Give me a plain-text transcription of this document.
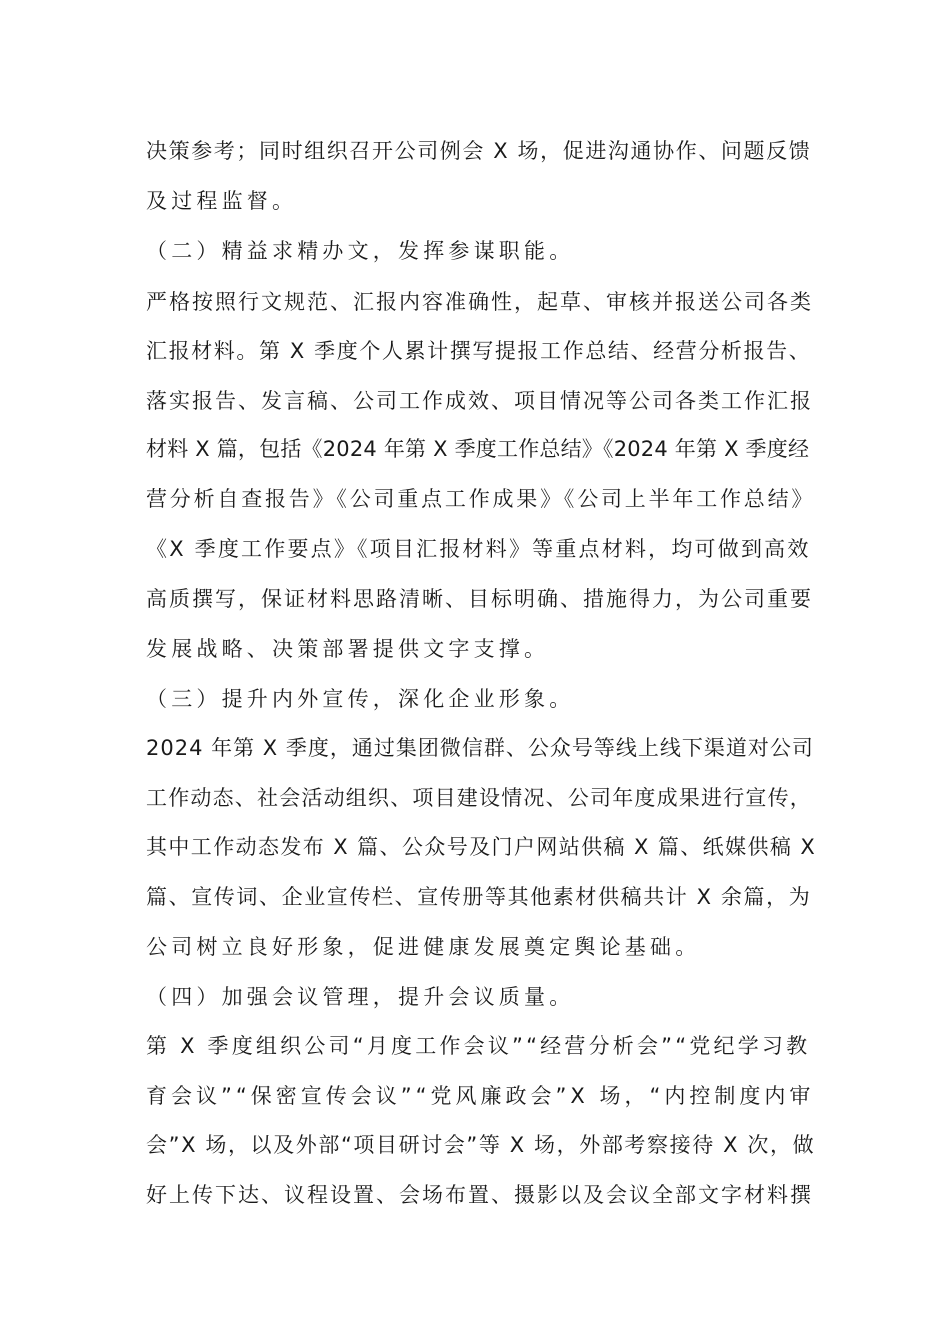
决策参考；同时组织召开公司例会 X 场，促进沟通协作、问题反馈

及过程监督。

（二）精益求精办文，发挥参谋职能。

严格按照行文规范、汇报内容准确性，起草、审核并报送公司各类

汇报材料。第 X 季度个人累计撰写提报工作总结、经营分析报告、

落实报告、发言稿、公司工作成效、项目情况等公司各类工作汇报

材料 X 篇，包括《2024 年第 X 季度工作总结》《2024 年第 X 季度经

营分析自查报告》《公司重点工作成果》《公司上半年工作总结》

《X 季度工作要点》《项目汇报材料》等重点材料，均可做到高效

高质撰写，保证材料思路清晰、目标明确、措施得力，为公司重要

发展战略、决策部署提供文字支撑。

（三）提升内外宣传，深化企业形象。

2024 年第 X 季度，通过集团微信群、公众号等线上线下渠道对公司

工作动态、社会活动组织、项目建设情况、公司年度成果进行宣传，

其中工作动态发布 X 篇、公众号及门户网站供稿 X 篇、纸媒供稿 X

篇、宣传词、企业宣传栏、宣传册等其他素材供稿共计 X 余篇，为

公司树立良好形象，促进健康发展奠定舆论基础。

（四）加强会议管理，提升会议质量。

第 X 季度组织公司“月度工作会议”“经营分析会”“党纪学习教

育会议”“保密宣传会议”“党风廉政会”X 场，“内控制度内审

会”X 场，以及外部“项目研讨会”等 X 场，外部考察接待 X 次，做

好上传下达、议程设置、会场布置、摄影以及会议全部文字材料撰
